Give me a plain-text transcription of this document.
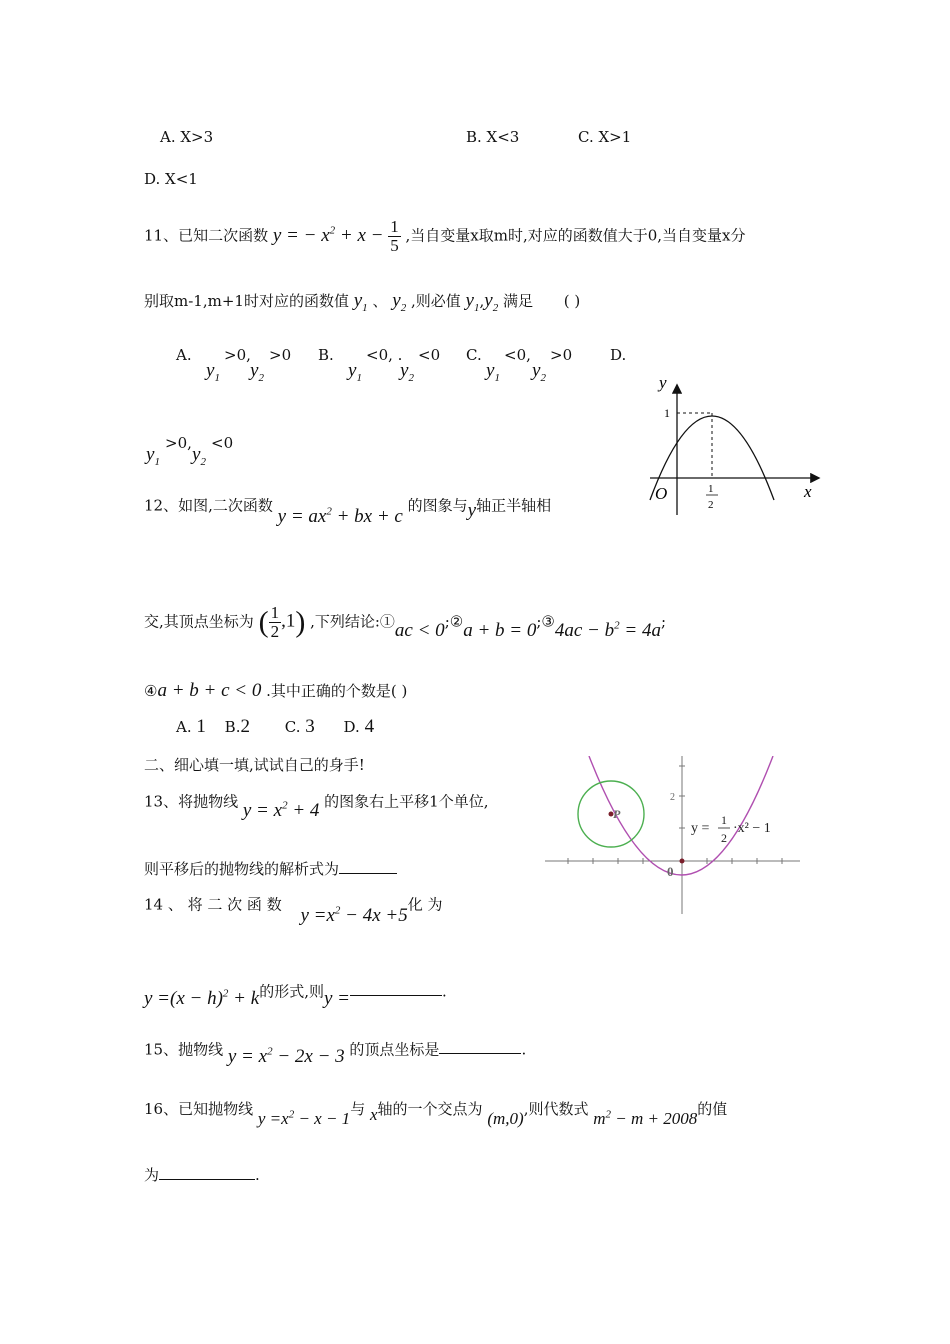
A. X>3	B. X<3	C. X>1
D. X<1
11、已知二次函数 y = − $x^2 + x - \frac{1}{5}$ ,当自变量x取m时,对应的函数值大于0,当自变量x分
别取m-1,m+1时对应的函数值 $y_1$ 、 $y_2$ ,则必值 $y_1,y_2$ 满足 ( )
A.
$y_1$
>0,
$y_2$
>0 B.
$y_1$
<0, .
$y_2$
<0 C.
$y_1$
<0,
$y_2$
>0	D.
$y_1$
>0,
$y_2$
<0
y
x
O
1
1
2
12、如图,二次函数 $y = ax^2$ + bx + c 的图象与y轴正半轴相
交,其顶点坐标为 ( $\frac{1}{2} ,1$) ,下列结论:①ac < 0;②a + b = 0;③4ac − $b^2 = 4a$;
④a + b + c < 0 .其中正确的个数是( )
A. 1 B.2 C. 3 D. 4
二、细心填一填,试试自己的身手!
P
0
2
y =
1
2
·x² − 1
13、将抛物线 $y = x^2 + 4$ 的图象右上平移1个单位,
则平移后的抛物线的解析式为
14 、 将 二 次 函 数 $y =x^2 - 4x +5$化 为
$y =(x - h)^2 + k$的形式,则y =	.
15、抛物线 $y = x^2 - 2x - 3$ 的顶点坐标是	.
16、已知抛物线 $y =x^2 - x - 1$与 x轴的一个交点为 (m,0),则代数式 $m^2 - m + 2008$的值
为	.
